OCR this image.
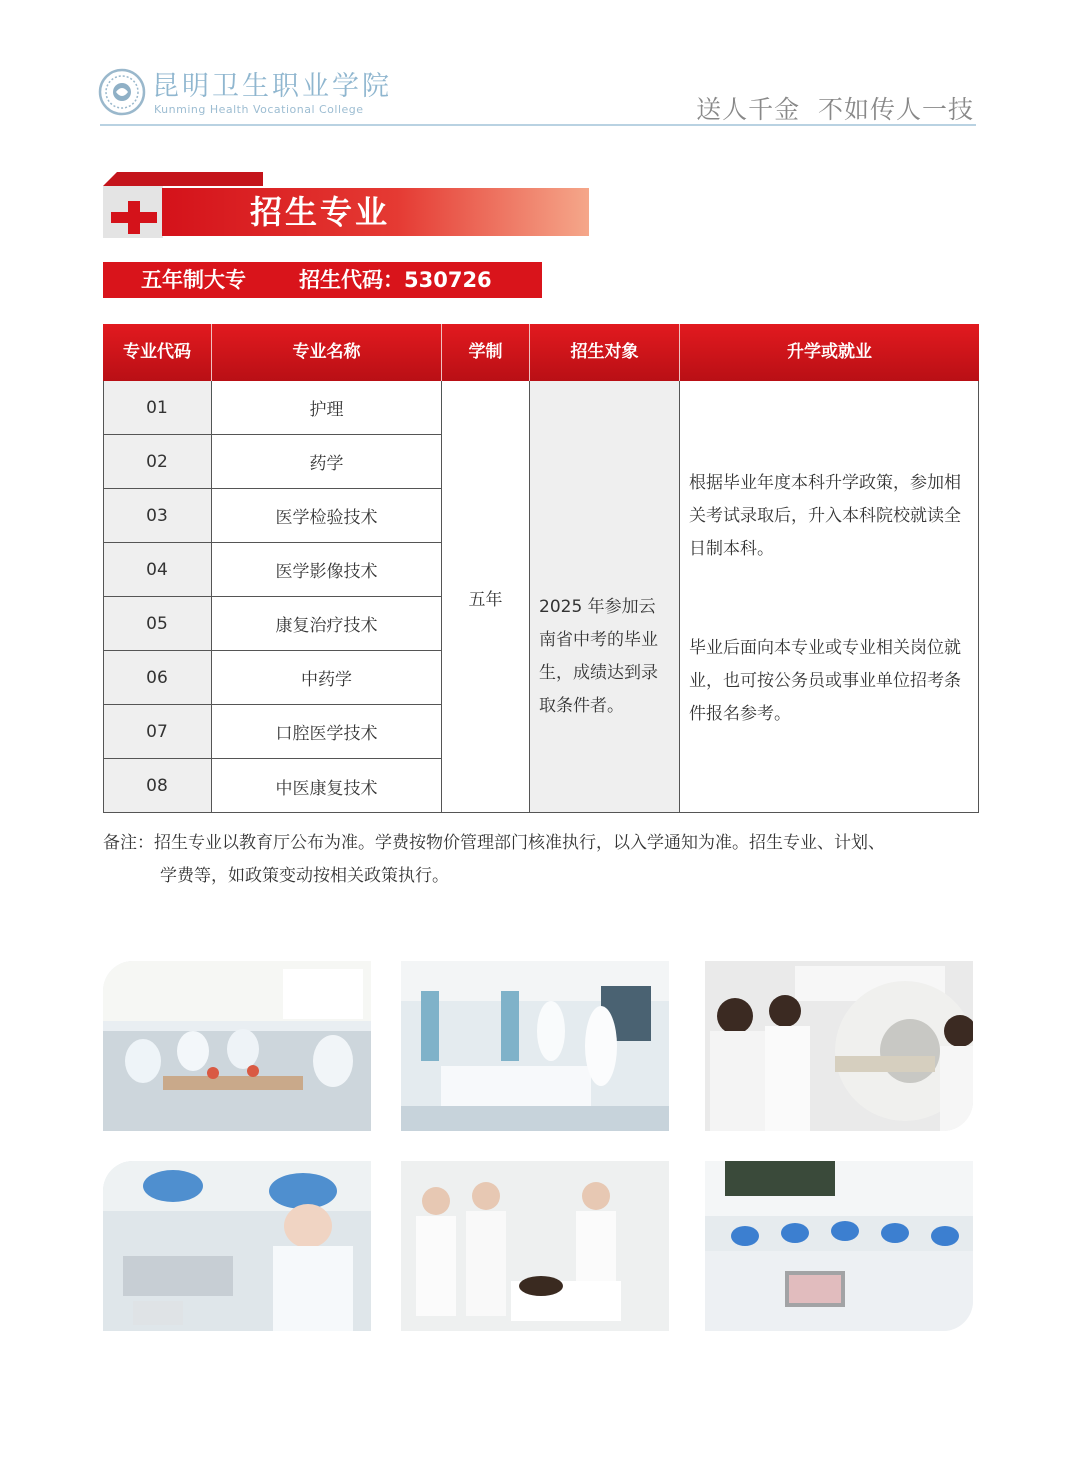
昆明卫生职业学院
Kunming Health Vocational College	送人千金  不如传人一技
招生专业
五年制大专	招生代码：530726
专业代码	专业名称	学制	招生对象	升学或就业
01	护理
02	药学
03	医学检验技术
04	医学影像技术
05	康复治疗技术
06	中药学
07	口腔医学技术
08	中医康复技术
五年	2025 年参加云南省中考的毕业生，成绩达到录取条件者。
根据毕业年度本科升学政策，参加相关考试录取后，升入本科院校就读全日制本科。
毕业后面向本专业或专业相关岗位就业，也可按公务员或事业单位招考条件报名参考。
备注：招生专业以教育厅公布为准。学费按物价管理部门核准执行，以入学通知为准。招生专业、计划、
学费等，如政策变动按相关政策执行。
